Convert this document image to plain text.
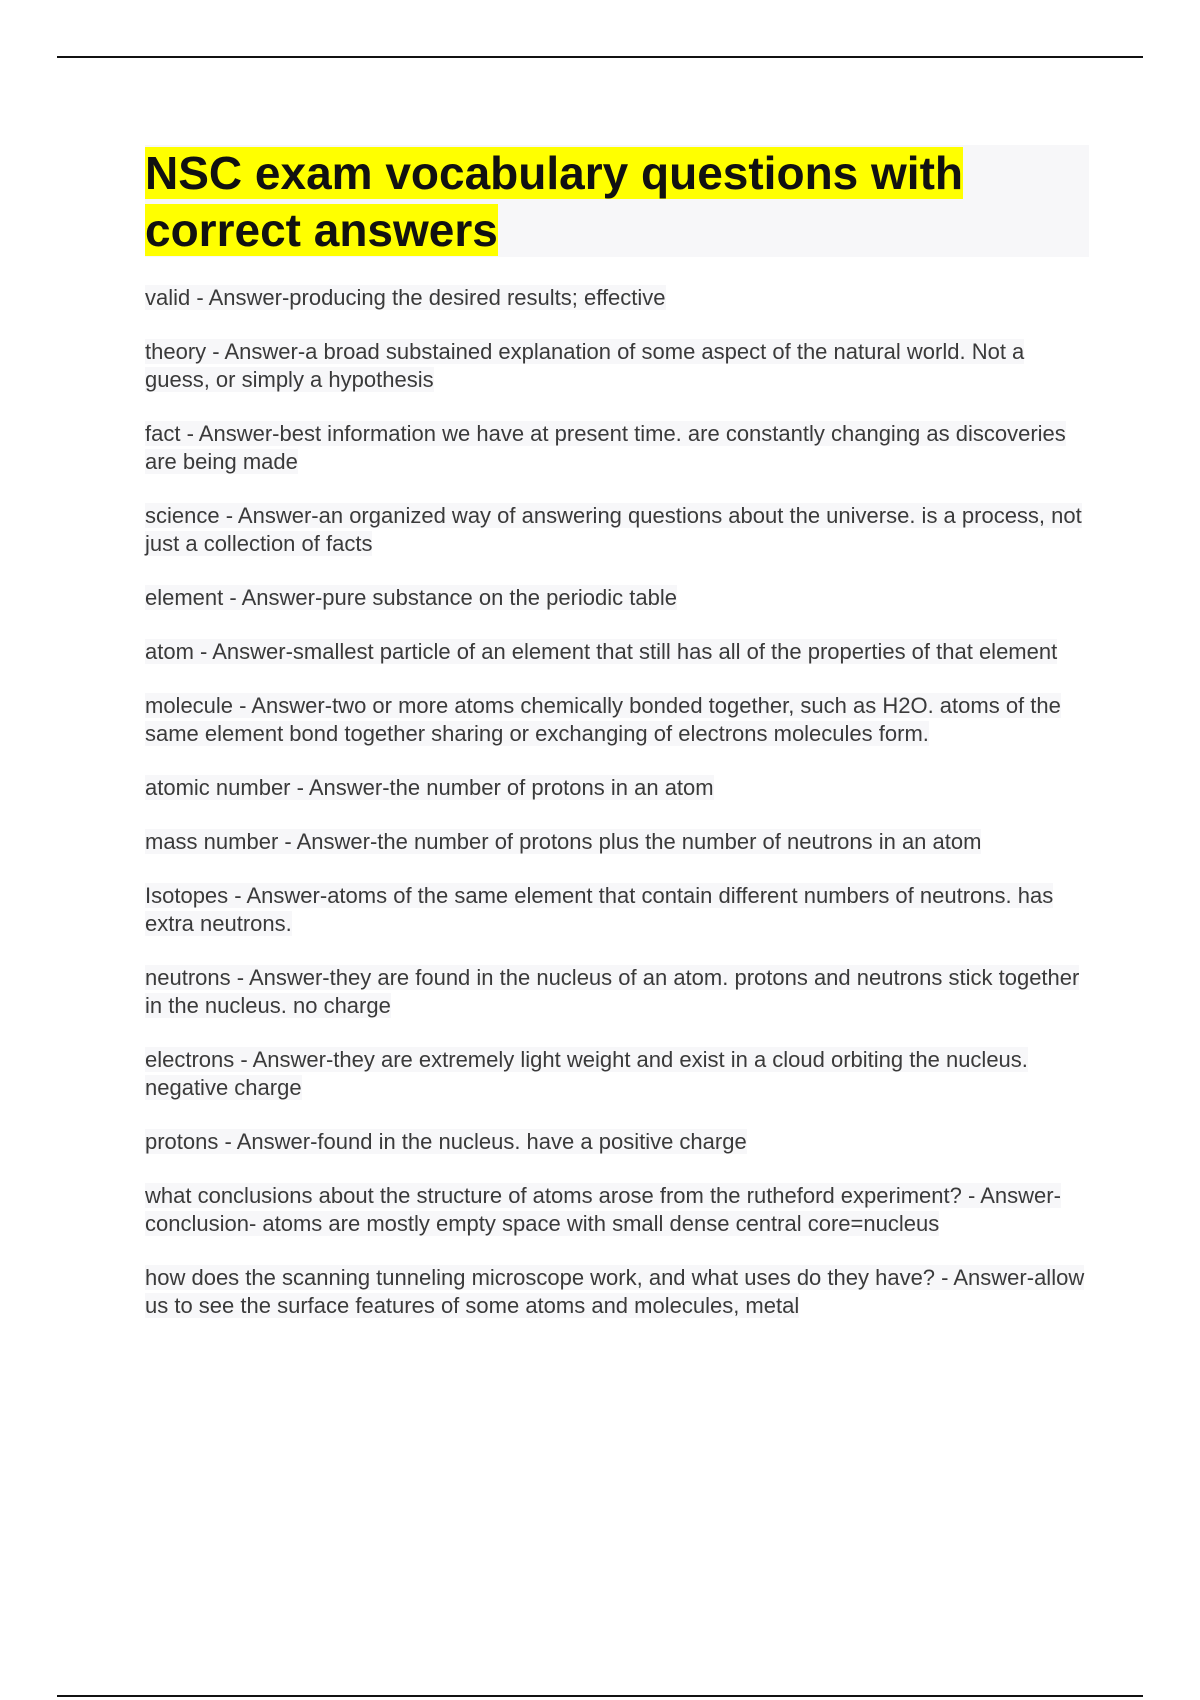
NSC exam vocabulary questions with correct answers

valid - Answer-producing the desired results; effective

theory - Answer-a broad substained explanation of some aspect of the natural world. Not a guess, or simply a hypothesis

fact - Answer-best information we have at present time. are constantly changing as discoveries are being made

science - Answer-an organized way of answering questions about the universe. is a process, not just a collection of facts

element - Answer-pure substance on the periodic table

atom - Answer-smallest particle of an element that still has all of the properties of that element

molecule - Answer-two or more atoms chemically bonded together, such as H2O. atoms of the same element bond together sharing or exchanging of electrons molecules form.

atomic number - Answer-the number of protons in an atom

mass number - Answer-the number of protons plus the number of neutrons in an atom

Isotopes - Answer-atoms of the same element that contain different numbers of neutrons. has extra neutrons.

neutrons - Answer-they are found in the nucleus of an atom. protons and neutrons stick together in the nucleus. no charge

electrons - Answer-they are extremely light weight and exist in a cloud orbiting the nucleus. negative charge

protons - Answer-found in the nucleus. have a positive charge

what conclusions about the structure of atoms arose from the rutheford experiment? - Answer-conclusion- atoms are mostly empty space with small dense central core=nucleus

how does the scanning tunneling microscope work, and what uses do they have? - Answer-allow us to see the surface features of some atoms and molecules, metal
